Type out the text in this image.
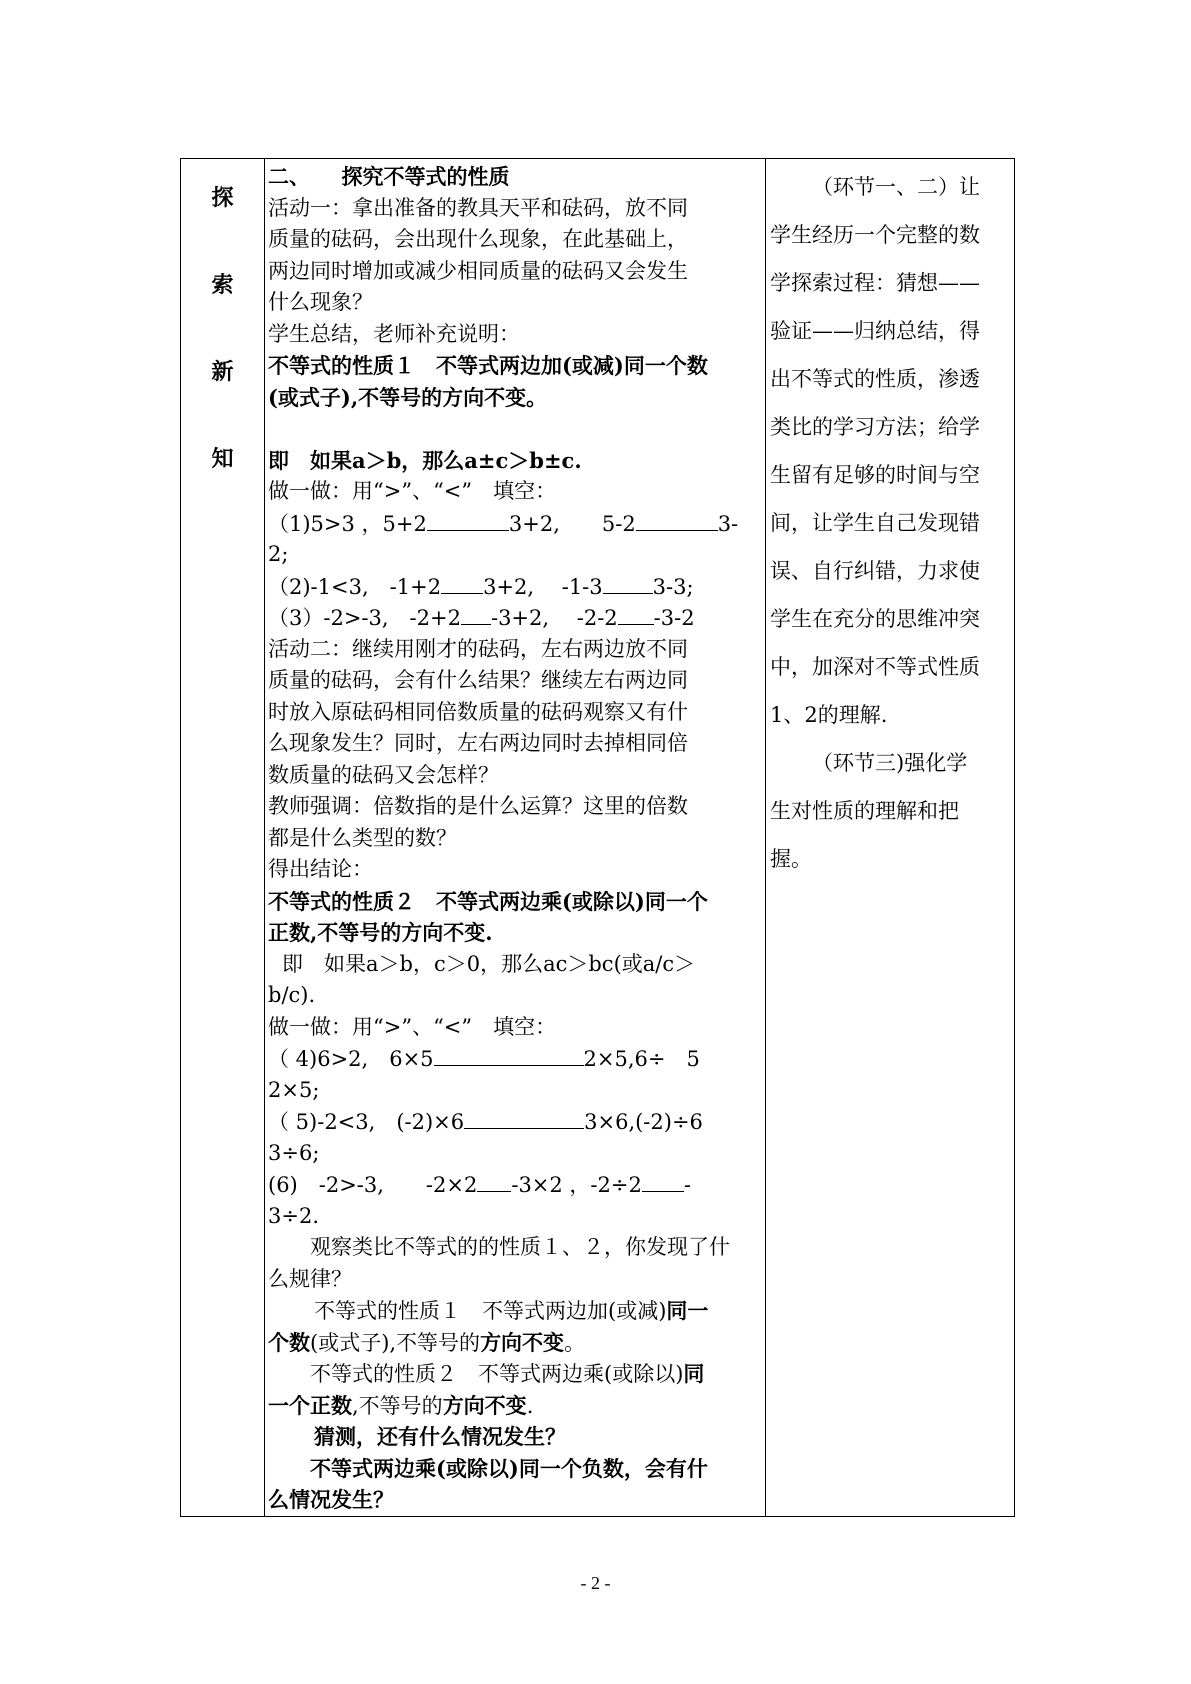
探
索
新
知

二、　　探究不等式的性质
活动一：拿出准备的教具天平和砝码，放不同
质量的砝码，会出现什么现象，在此基础上，
两边同时增加或减少相同质量的砝码又会发生
什么现象？
学生总结，老师补充说明：
不等式的性质１　不等式两边加(或减)同一个数
(或式子),不等号的方向不变。
即　如果a＞b，那么a±c＞b±c.
做一做：用“>”、“<”　填空：
（1)5>3 ，5+2	3+2,　　5-2	3-
2;
（2)-1<3,　-1+2 3+2,　 -1-3 3-3;
（3）-2>-3,　-2+2 -3+2,　 -2-2 -3-2
活动二：继续用刚才的砝码，左右两边放不同
质量的砝码，会有什么结果？继续左右两边同
时放入原砝码相同倍数质量的砝码观察又有什
么现象发生？同时，左右两边同时去掉相同倍
数质量的砝码又会怎样？
教师强调：倍数指的是什么运算？这里的倍数
都是什么类型的数？
得出结论：
不等式的性质２　不等式两边乘(或除以)同一个
正数,不等号的方向不变.
即　如果a＞b，c＞0，那么ac＞bc(或a/c＞
b/c).
做一做：用“>”、“<”　填空：
（ 4)6>2,　6×5	2×5,6÷　5
2×5;
（ 5)-2<3,　(-2)×6	3×6,(-2)÷6
3÷6;
(6)　-2>-3,　　-2×2 -3×2 ，-2÷2 -
3÷2.
观察类比不等式的的性质１、２，你发现了什
么规律？
不等式的性质１　不等式两边加(或减)同一
个数(或式子),不等号的方向不变。
不等式的性质２　不等式两边乘(或除以)同
一个正数,不等号的方向不变.
猜测，还有什么情况发生？
不等式两边乘(或除以)同一个负数，会有什
么情况发生？

（环节一、二）让
学生经历一个完整的数
学探索过程：猜想——
验证——归纳总结，得
出不等式的性质，渗透
类比的学习方法；给学
生留有足够的时间与空
间，让学生自己发现错
误、自行纠错，力求使
学生在充分的思维冲突
中，加深对不等式性质
1、2的理解.
（环节三)强化学
生对性质的理解和把
握。
- 2 -
